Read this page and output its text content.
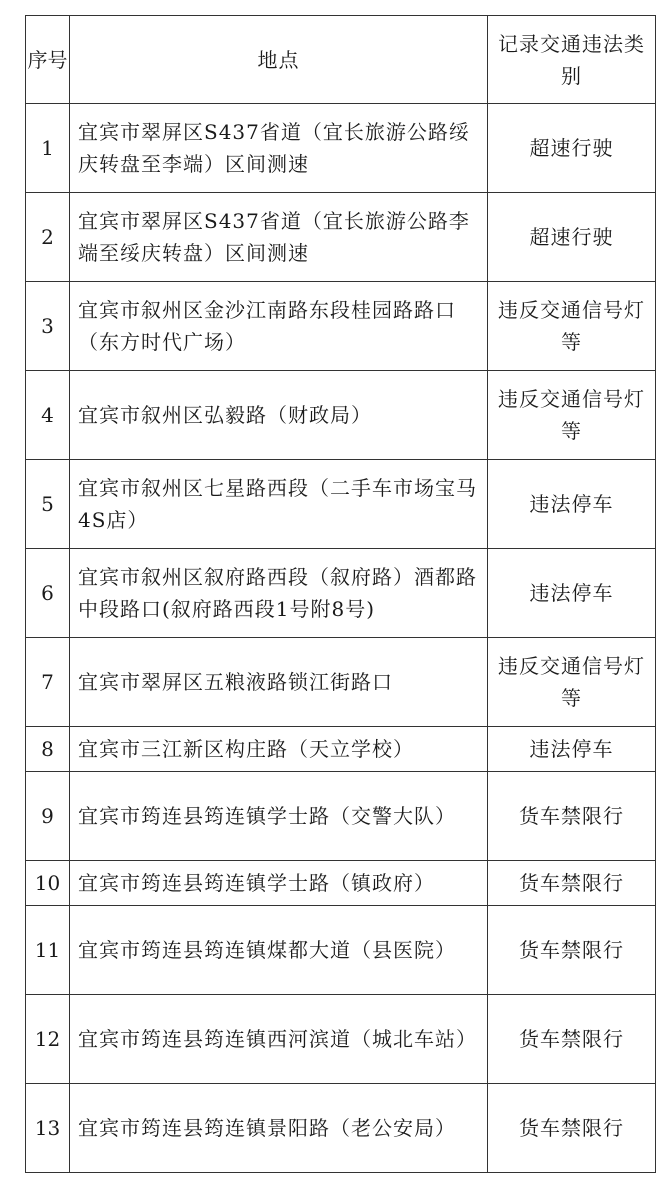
序号	地点	记录交通违法类别
1	宜宾市翠屏区S437省道（宜长旅游公路绥庆转盘至李端）区间测速	超速行驶
2	宜宾市翠屏区S437省道（宜长旅游公路李端至绥庆转盘）区间测速	超速行驶
3	宜宾市叙州区金沙江南路东段桂园路路口（东方时代广场）	违反交通信号灯等
4	宜宾市叙州区弘毅路（财政局）	违反交通信号灯等
5	宜宾市叙州区七星路西段（二手车市场宝马4S店）	违法停车
6	宜宾市叙州区叙府路西段（叙府路）酒都路中段路口(叙府路西段1号附8号)	违法停车
7	宜宾市翠屏区五粮液路锁江街路口	违反交通信号灯等
8	宜宾市三江新区构庄路（天立学校）	违法停车
9	宜宾市筠连县筠连镇学士路（交警大队）	货车禁限行
10	宜宾市筠连县筠连镇学士路（镇政府）	货车禁限行
11	宜宾市筠连县筠连镇煤都大道（县医院）	货车禁限行
12	宜宾市筠连县筠连镇西河滨道（城北车站）	货车禁限行
13	宜宾市筠连县筠连镇景阳路（老公安局）	货车禁限行
